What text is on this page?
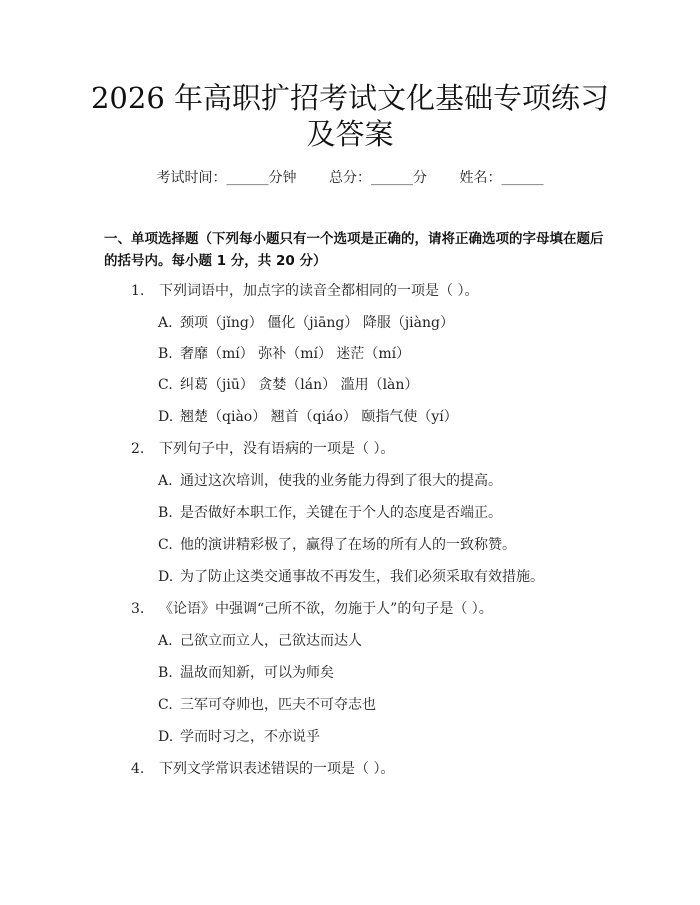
2026 年高职扩招考试文化基础专项练习及答案
考试时间：______分钟 总分：______分 姓名：______
一、单项选择题（下列每小题只有一个选项是正确的，请将正确选项的字母填在题后的括号内。每小题 1 分，共 20 分）
1. 下列词语中，加点字的读音全都相同的一项是（ ）。
A. 颈项（jǐng） 僵化（jiāng） 降服（jiàng）
B. 奢靡（mí） 弥补（mí） 迷茫（mí）
C. 纠葛（jiū） 贪婪（lán） 滥用（làn）
D. 翘楚（qiào） 翘首（qiáo） 颐指气使（yí）
2. 下列句子中，没有语病的一项是（ ）。
A. 通过这次培训，使我的业务能力得到了很大的提高。
B. 是否做好本职工作，关键在于个人的态度是否端正。
C. 他的演讲精彩极了，赢得了在场的所有人的一致称赞。
D. 为了防止这类交通事故不再发生，我们必须采取有效措施。
3. 《论语》中强调“己所不欲，勿施于人”的句子是（ ）。
A. 己欲立而立人，己欲达而达人
B. 温故而知新，可以为师矣
C. 三军可夺帅也，匹夫不可夺志也
D. 学而时习之，不亦说乎
4. 下列文学常识表述错误的一项是（ ）。
